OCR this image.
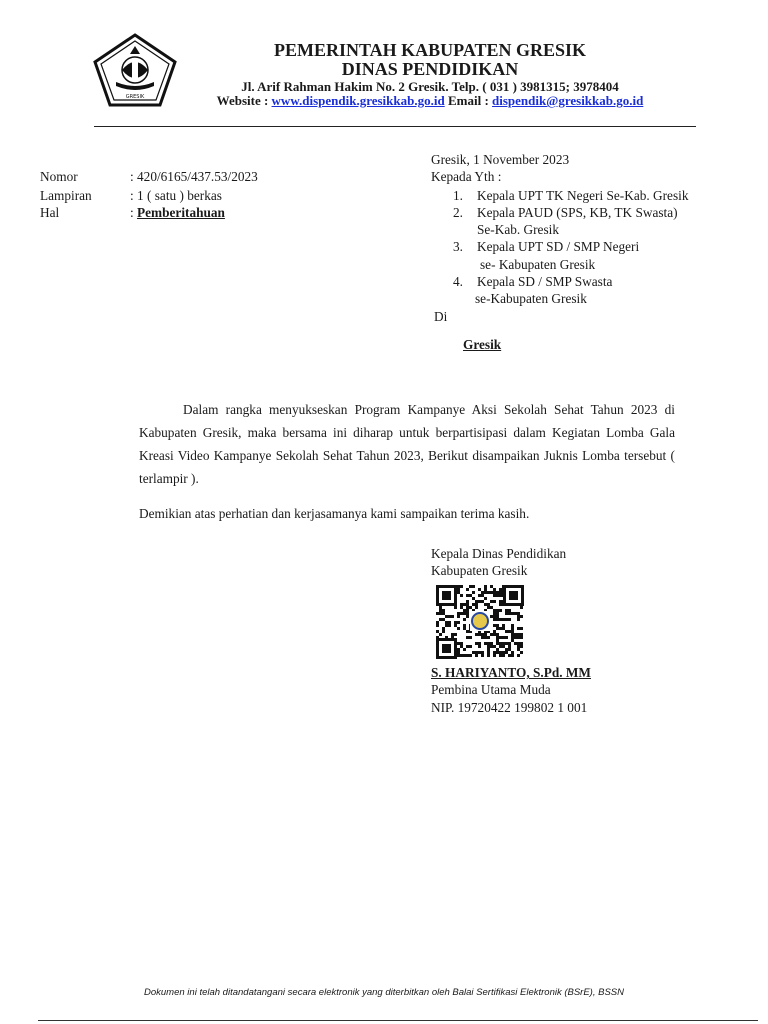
GRESIK
PEMERINTAH KABUPATEN GRESIK
DINAS PENDIDIKAN
Jl. Arif Rahman Hakim No. 2 Gresik. Telp. ( 031 ) 3981315; 3978404
Website : www.dispendik.gresikkab.go.id Email : dispendik@gresikkab.go.id
Gresik, 1 November 2023
Kepada Yth :
1. Kepala UPT TK Negeri Se-Kab. Gresik
2. Kepala PAUD (SPS, KB, TK Swasta)
Se-Kab. Gresik
3. Kepala UPT SD / SMP Negeri
se- Kabupaten Gresik
4. Kepala SD / SMP Swasta
se-Kabupaten Gresik
Di
Gresik
Nomor	: 420/6165/437.53/2023
Lampiran	: 1 ( satu ) berkas
Hal	: Pemberitahuan
Dalam rangka menyukseskan Program Kampanye Aksi Sekolah Sehat Tahun 2023 di Kabupaten Gresik, maka bersama ini diharap untuk berpartisipasi dalam Kegiatan Lomba Gala Kreasi Video Kampanye Sekolah Sehat Tahun 2023, Berikut disampaikan Juknis Lomba tersebut ( terlampir ).
Demikian atas perhatian dan kerjasamanya kami sampaikan terima kasih.
Kepala Dinas Pendidikan
Kabupaten Gresik
S. HARIYANTO, S.Pd. MM
Pembina Utama Muda
NIP. 19720422 199802 1 001
Dokumen ini telah ditandatangani secara elektronik yang diterbitkan oleh Balai Sertifikasi Elektronik (BSrE), BSSN
